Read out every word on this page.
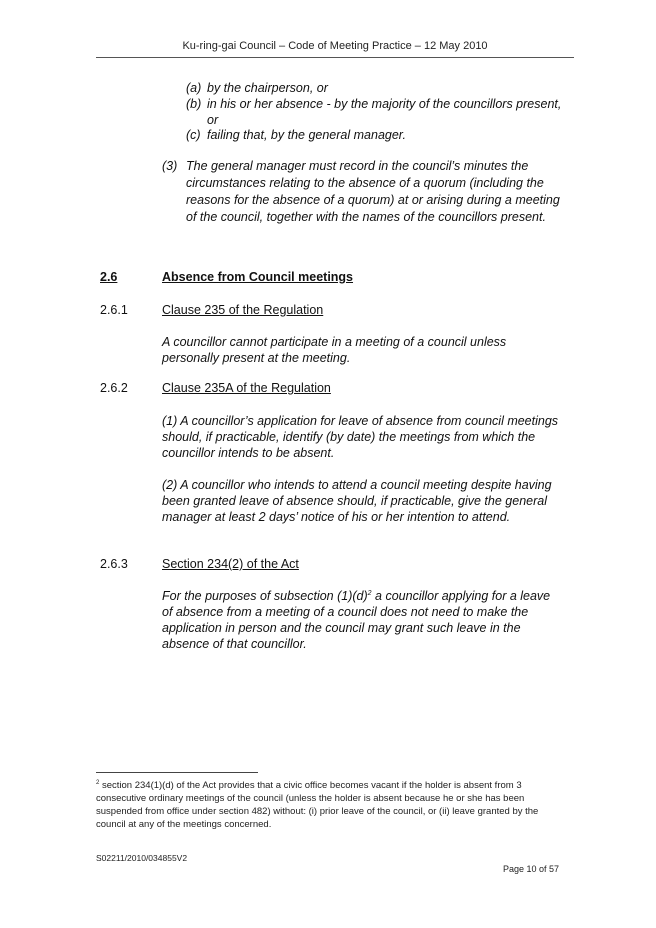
Ku-ring-gai Council – Code of Meeting Practice – 12 May 2010
(a) by the chairperson, or
(b) in his or her absence - by the majority of the councillors present, or
(c) failing that, by the general manager.
(3) The general manager must record in the council’s minutes the circumstances relating to the absence of a quorum (including the reasons for the absence of a quorum) at or arising during a meeting of the council, together with the names of the councillors present.
2.6	Absence from Council meetings
2.6.1	Clause 235 of the Regulation

A councillor cannot participate in a meeting of a council unless personally present at the meeting.

2.6.2	Clause 235A of the Regulation

(1) A councillor’s application for leave of absence from council meetings should, if practicable, identify (by date) the meetings from which the councillor intends to be absent.

(2) A councillor who intends to attend a council meeting despite having been granted leave of absence should, if practicable, give the general manager at least 2 days’ notice of his or her intention to attend.

2.6.3	Section 234(2) of the Act

For the purposes of subsection $(1)(d)^2$ a councillor applying for a leave of absence from a meeting of a council does not need to make the application in person and the council may grant such leave in the absence of that councillor.

$^2$ section 234(1)(d) of the Act provides that a civic office becomes vacant if the holder is absent from 3 consecutive ordinary meetings of the council (unless the holder is absent because he or she has been suspended from office under section 482) without: (i) prior leave of the council, or (ii) leave granted by the council at any of the meetings concerned.
S02211/2010/034855V2
Page 10 of 57
